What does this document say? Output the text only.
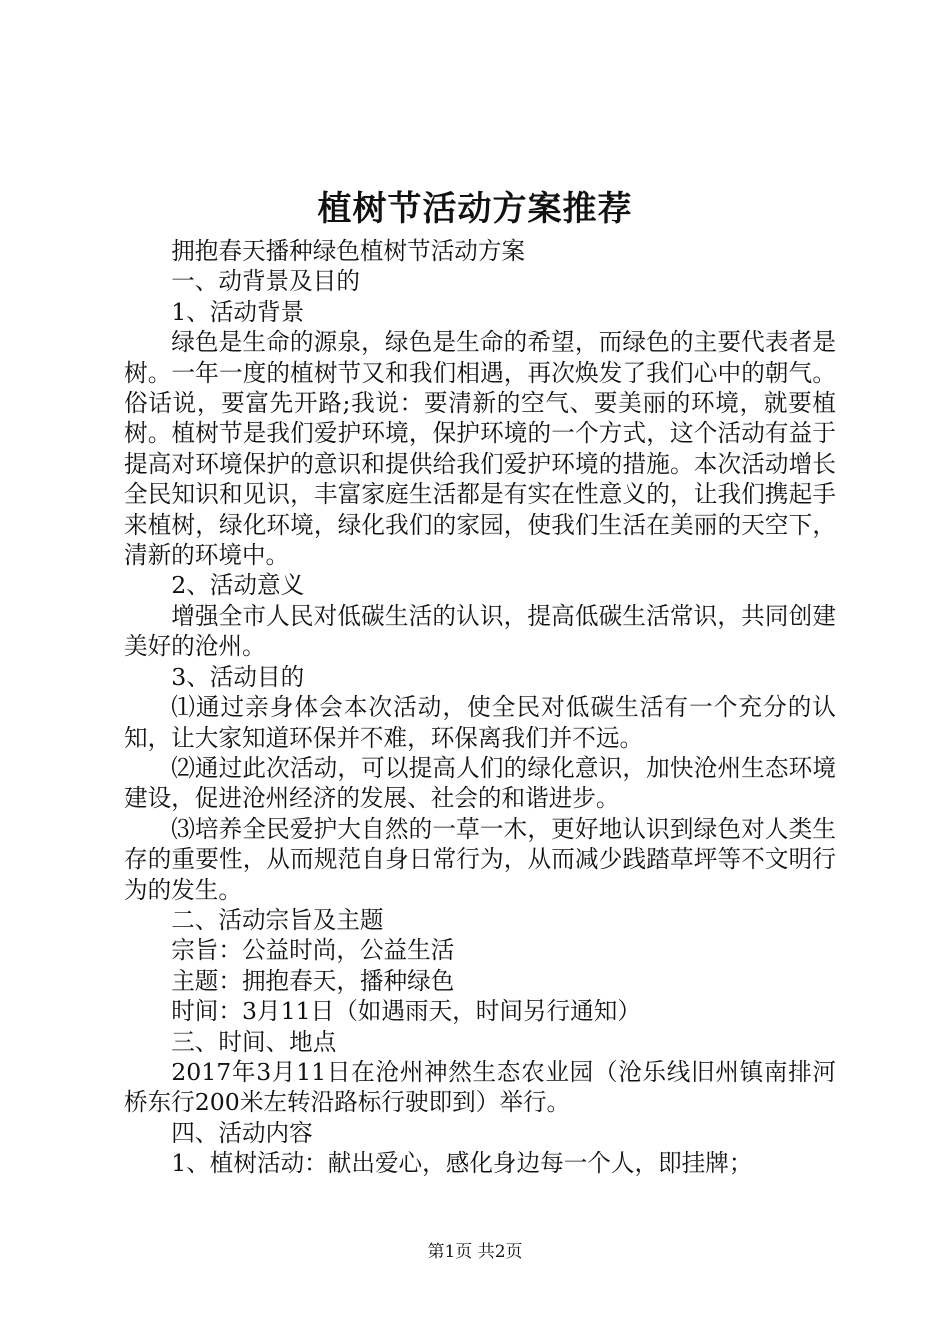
植树节活动方案推荐

拥抱春天播种绿色植树节活动方案

一、动背景及目的

1、活动背景

绿色是生命的源泉，绿色是生命的希望，而绿色的主要代表者是树。一年一度的植树节又和我们相遇，再次焕发了我们心中的朝气。俗话说，要富先开路;我说：要清新的空气、要美丽的环境，就要植树。植树节是我们爱护环境，保护环境的一个方式，这个活动有益于提高对环境保护的意识和提供给我们爱护环境的措施。本次活动增长全民知识和见识，丰富家庭生活都是有实在性意义的，让我们携起手来植树，绿化环境，绿化我们的家园，使我们生活在美丽的天空下，清新的环境中。

2、活动意义

增强全市人民对低碳生活的认识，提高低碳生活常识，共同创建美好的沧州。

3、活动目的

⑴通过亲身体会本次活动，使全民对低碳生活有一个充分的认知，让大家知道环保并不难，环保离我们并不远。

⑵通过此次活动，可以提高人们的绿化意识，加快沧州生态环境建设，促进沧州经济的发展、社会的和谐进步。

⑶培养全民爱护大自然的一草一木，更好地认识到绿色对人类生存的重要性，从而规范自身日常行为，从而减少践踏草坪等不文明行为的发生。

二、活动宗旨及主题

宗旨：公益时尚，公益生活

主题：拥抱春天，播种绿色

时间：3月11日（如遇雨天，时间另行通知）

三、时间、地点

2017年3月11日在沧州神然生态农业园（沧乐线旧州镇南排河桥东行200米左转沿路标行驶即到）举行。

四、活动内容

1、植树活动：献出爱心，感化身边每一个人，即挂牌；

第1页 共2页
